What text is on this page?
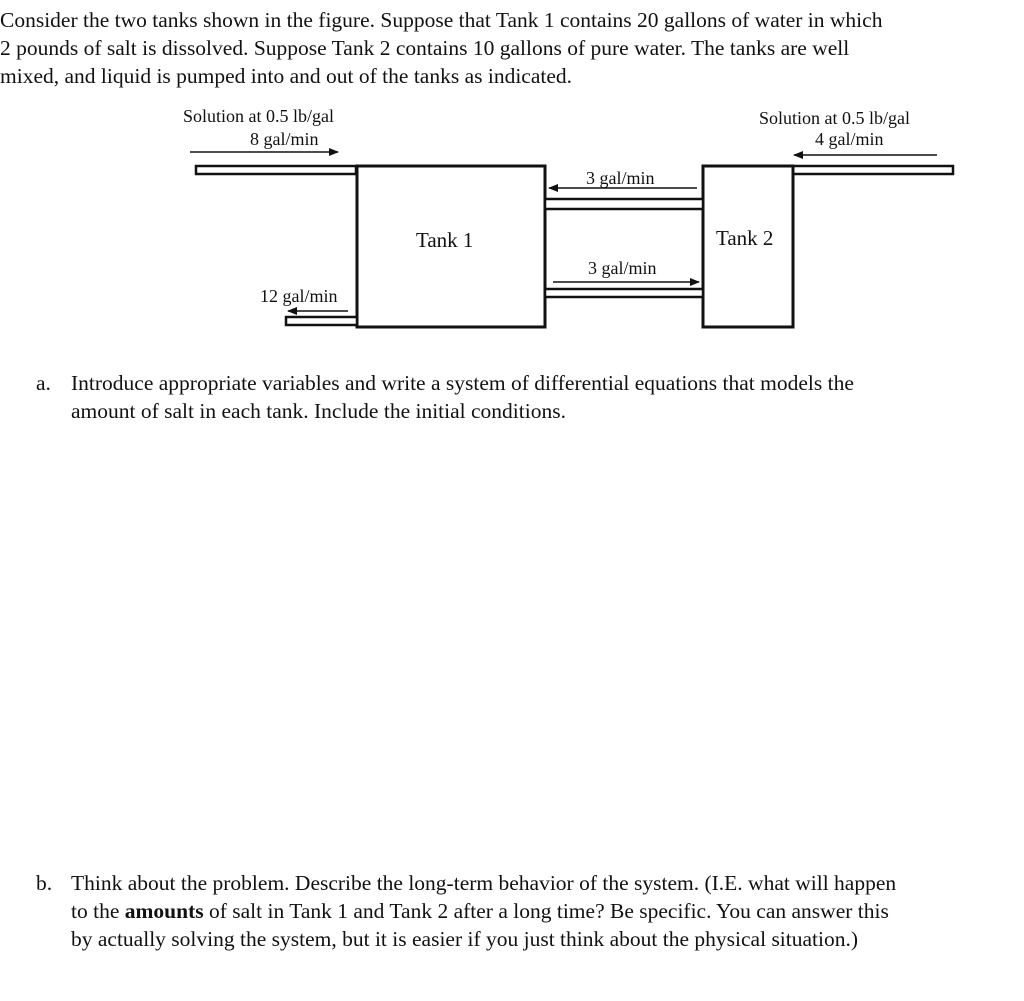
Consider the two tanks shown in the figure. Suppose that Tank 1 contains 20 gallons of water in which
2 pounds of salt is dissolved. Suppose Tank 2 contains 10 gallons of pure water. The tanks are well
mixed, and liquid is pumped into and out of the tanks as indicated.

Solution at 0.5 lb/gal
8 gal/min
Solution at 0.5 lb/gal
4 gal/min
Tank 1	Tank 2
3 gal/min
3 gal/min
12 gal/min
a. Introduce appropriate variables and write a system of differential equations that models the
amount of salt in each tank. Include the initial conditions.
b. Think about the problem. Describe the long-term behavior of the system. (I.E. what will happen
to the amounts of salt in Tank 1 and Tank 2 after a long time? Be specific. You can answer this
by actually solving the system, but it is easier if you just think about the physical situation.)
